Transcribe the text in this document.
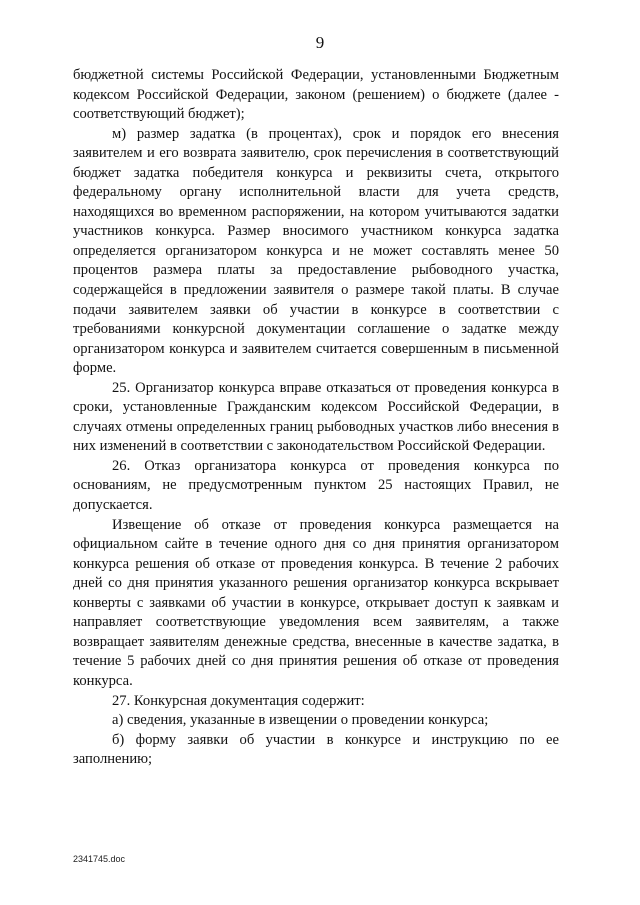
9

бюджетной системы Российской Федерации, установленными Бюджетным кодексом Российской Федерации, законом (решением) о бюджете (далее - соответствующий бюджет);

м) размер задатка (в процентах), срок и порядок его внесения заявителем и его возврата заявителю, срок перечисления в соответствующий бюджет задатка победителя конкурса и реквизиты счета, открытого федеральному органу исполнительной власти для учета средств, находящихся во временном распоряжении, на котором учитываются задатки участников конкурса. Размер вносимого участником конкурса задатка определяется организатором конкурса и не может составлять менее 50 процентов размера платы за предоставление рыбоводного участка, содержащейся в предложении заявителя о размере такой платы. В случае подачи заявителем заявки об участии в конкурсе в соответствии с требованиями конкурсной документации соглашение о задатке между организатором конкурса и заявителем считается совершенным в письменной форме.

25. Организатор конкурса вправе отказаться от проведения конкурса в сроки, установленные Гражданским кодексом Российской Федерации, в случаях отмены определенных границ рыбоводных участков либо внесения в них изменений в соответствии с законодательством Российской Федерации.

26. Отказ организатора конкурса от проведения конкурса по основаниям, не предусмотренным пунктом 25 настоящих Правил, не допускается.

Извещение об отказе от проведения конкурса размещается на официальном сайте в течение одного дня со дня принятия организатором конкурса решения об отказе от проведения конкурса. В течение 2 рабочих дней со дня принятия указанного решения организатор конкурса вскрывает конверты с заявками об участии в конкурсе, открывает доступ к заявкам и направляет соответствующие уведомления всем заявителям, а также возвращает заявителям денежные средства, внесенные в качестве задатка, в течение 5 рабочих дней со дня принятия решения об отказе от проведения конкурса.

27. Конкурсная документация содержит:

а) сведения, указанные в извещении о проведении конкурса;

б) форму заявки об участии в конкурсе и инструкцию по ее заполнению;

2341745.doc
